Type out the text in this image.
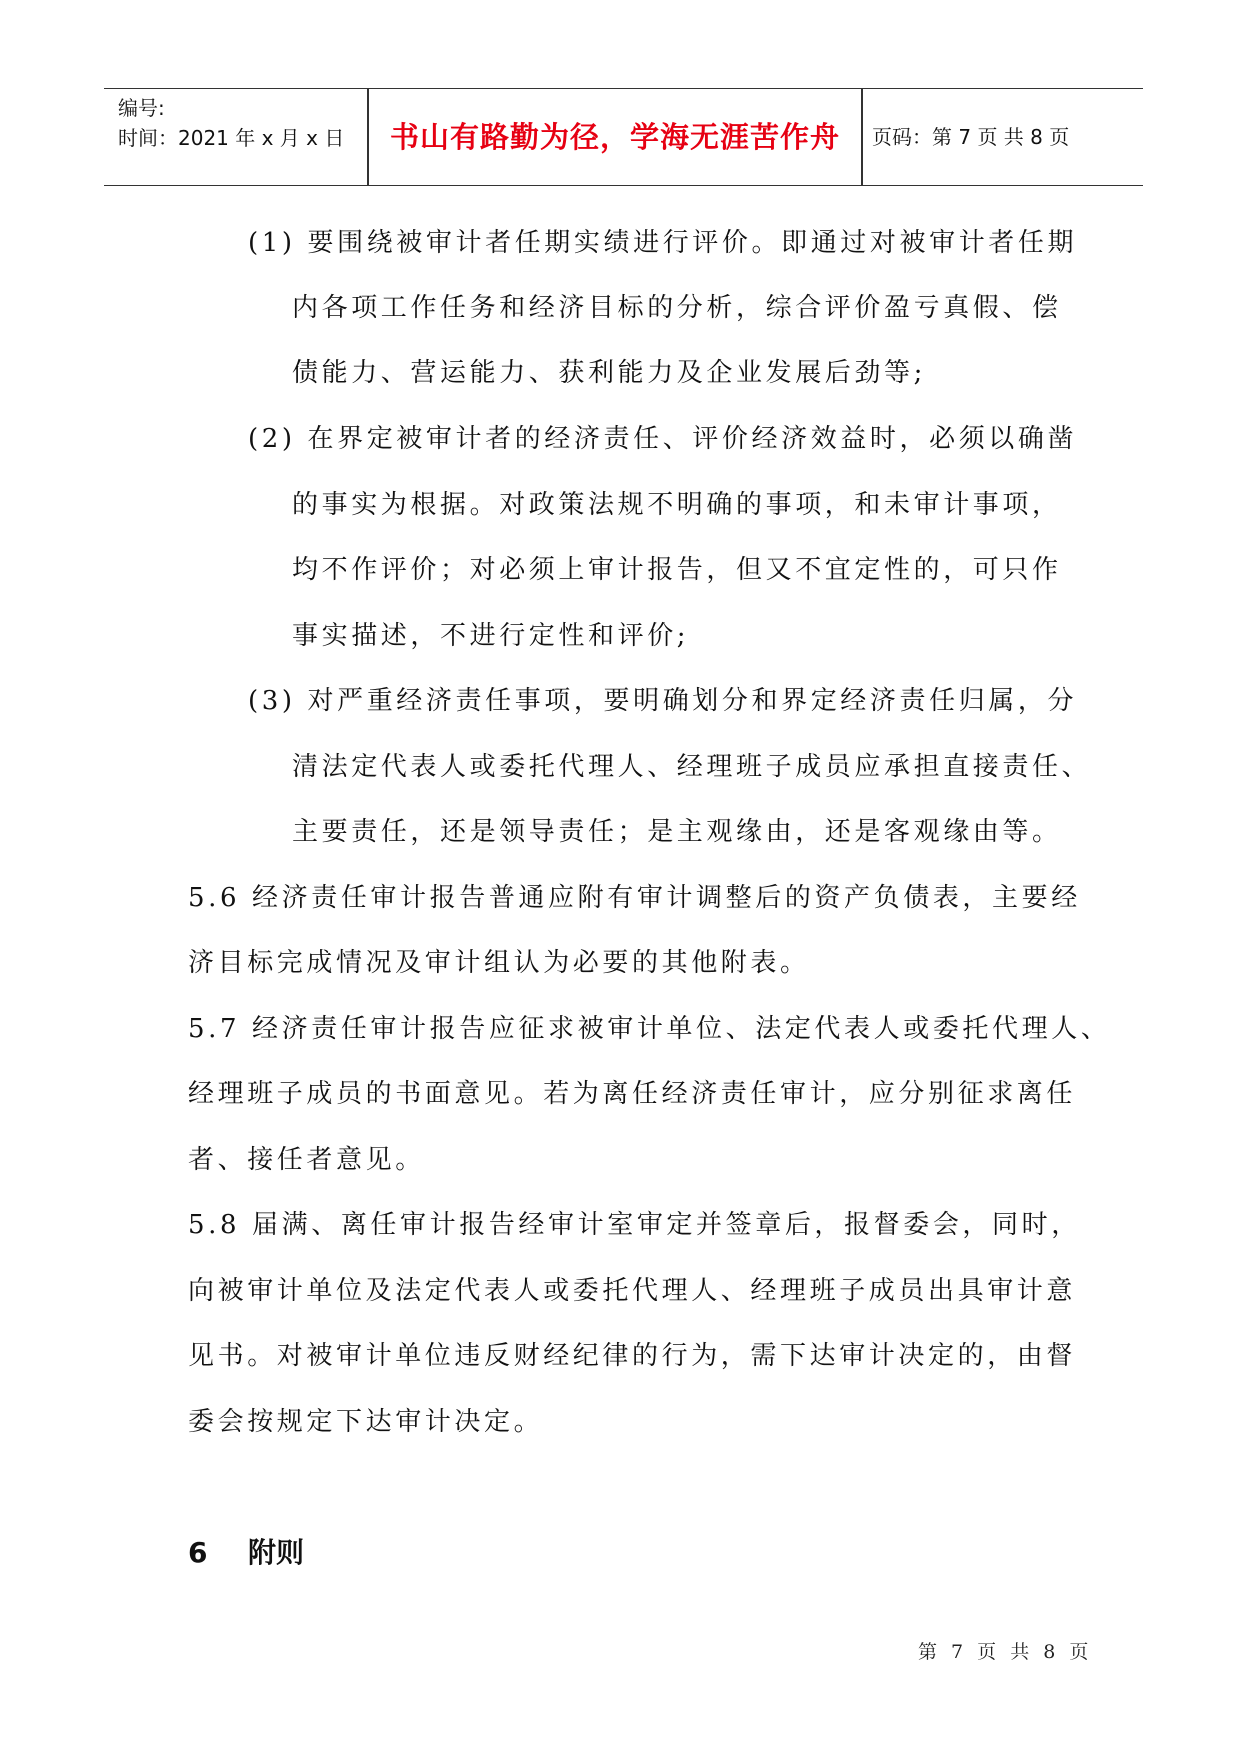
编号:
时间：2021 年 x 月 x 日	书山有路勤为径，学海无涯苦作舟	页码：第 7 页 共 8 页
(1) 要围绕被审计者任期实绩进行评价。即通过对被审计者任期
内各项工作任务和经济目标的分析，综合评价盈亏真假、偿
债能力、营运能力、获利能力及企业发展后劲等;
(2) 在界定被审计者的经济责任、评价经济效益时，必须以确凿
的事实为根据。对政策法规不明确的事项，和未审计事项，
均不作评价；对必须上审计报告，但又不宜定性的，可只作
事实描述，不进行定性和评价;
(3) 对严重经济责任事项，要明确划分和界定经济责任归属，分
清法定代表人或委托代理人、经理班子成员应承担直接责任、
主要责任，还是领导责任；是主观缘由，还是客观缘由等。
5.6 经济责任审计报告普通应附有审计调整后的资产负债表，主要经
济目标完成情况及审计组认为必要的其他附表。
5.7 经济责任审计报告应征求被审计单位、法定代表人或委托代理人、
经理班子成员的书面意见。若为离任经济责任审计，应分别征求离任
者、接任者意见。
5.8 届满、离任审计报告经审计室审定并签章后，报督委会，同时，
向被审计单位及法定代表人或委托代理人、经理班子成员出具审计意
见书。对被审计单位违反财经纪律的行为，需下达审计决定的，由督
委会按规定下达审计决定。
6 附则
第 7 页 共 8 页
